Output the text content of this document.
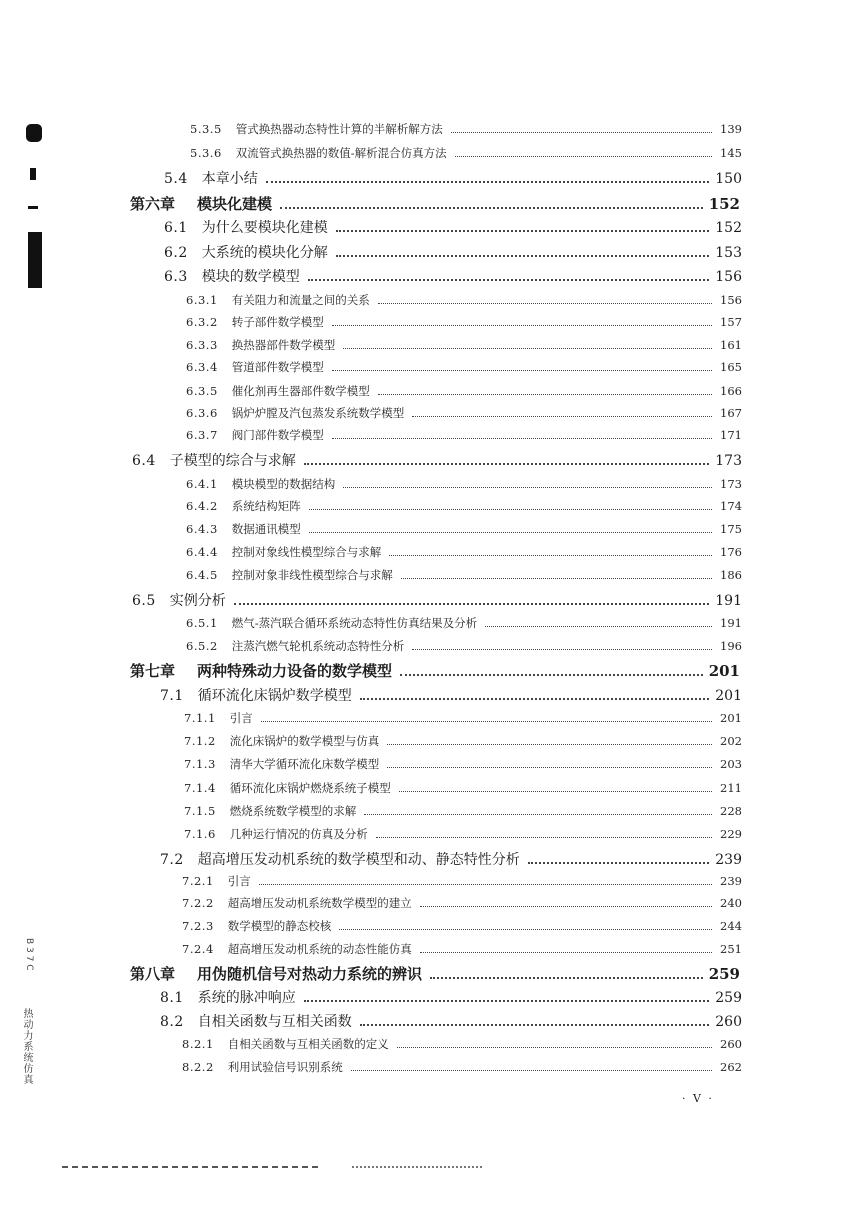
5.3.5	管式换热器动态特性计算的半解析解方法	139
5.3.6	双流管式换热器的数值-解析混合仿真方法	145
5.4	本章小结	150
第六章	模块化建模	152
6.1	为什么要模块化建模	152
6.2	大系统的模块化分解	153
6.3	模块的数学模型	156
6.3.1	有关阻力和流量之间的关系	156
6.3.2	转子部件数学模型	157
6.3.3	换热器部件数学模型	161
6.3.4	管道部件数学模型	165
6.3.5	催化剂再生器部件数学模型	166
6.3.6	锅炉炉膛及汽包蒸发系统数学模型	167
6.3.7	阀门部件数学模型	171
6.4	子模型的综合与求解	173
6.4.1	模块模型的数据结构	173
6.4.2	系统结构矩阵	174
6.4.3	数据通讯模型	175
6.4.4	控制对象线性模型综合与求解	176
6.4.5	控制对象非线性模型综合与求解	186
6.5	实例分析	191
6.5.1	燃气-蒸汽联合循环系统动态特性仿真结果及分析	191
6.5.2	注蒸汽燃气轮机系统动态特性分析	196
第七章	两种特殊动力设备的数学模型	201
7.1	循环流化床锅炉数学模型	201
7.1.1	引言	201
7.1.2	流化床锅炉的数学模型与仿真	202
7.1.3	清华大学循环流化床数学模型	203
7.1.4	循环流化床锅炉燃烧系统子模型	211
7.1.5	燃烧系统数学模型的求解	228
7.1.6	几种运行情况的仿真及分析	229
7.2	超高增压发动机系统的数学模型和动、静态特性分析	239
7.2.1	引言	239
7.2.2	超高增压发动机系统数学模型的建立	240
7.2.3	数学模型的静态校核	244
7.2.4	超高增压发动机系统的动态性能仿真	251
第八章	用伪随机信号对热动力系统的辨识	259
8.1	系统的脉冲响应	259
8.2	自相关函数与互相关函数	260
8.2.1	自相关函数与互相关函数的定义	260
8.2.2	利用试验信号识别系统	262
B 3 7 C
热动力系统仿真
· V ·
